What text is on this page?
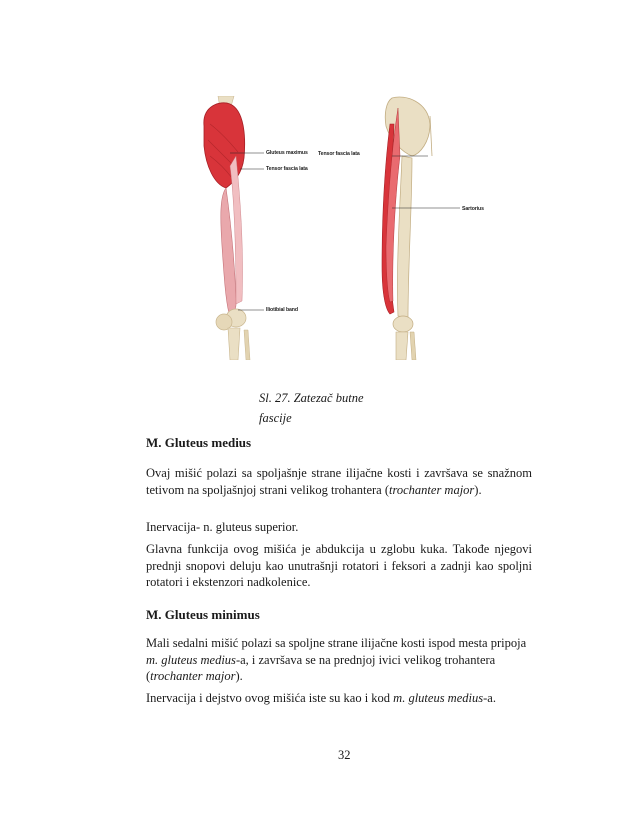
Gluteus maximus
Tensor fascia lata
Iliotibial band
Tensor fascia lata
Sartorius
Sl. 27. Zatezač butne
fascije
M. Gluteus medius

Ovaj mišić polazi sa spoljašnje strane ilijačne kosti i završava se snažnom tetivom na spoljašnjoj strani velikog trohantera (trochanter major).

Inervacija- n. gluteus superior.

Glavna funkcija ovog mišića je abdukcija u zglobu kuka. Takođe njegovi prednji snopovi deluju kao unutrašnji rotatori i feksori a zadnji kao spoljni rotatori i ekstenzori nadkolenice.

M. Gluteus minimus

Mali sedalni mišić polazi sa spoljne strane ilijačne kosti ispod mesta pripoja m. gluteus medius-a, i završava se na prednjoj ivici velikog trohantera (trochanter major).

Inervacija i dejstvo ovog mišića iste su kao i kod m. gluteus medius-a.

32
